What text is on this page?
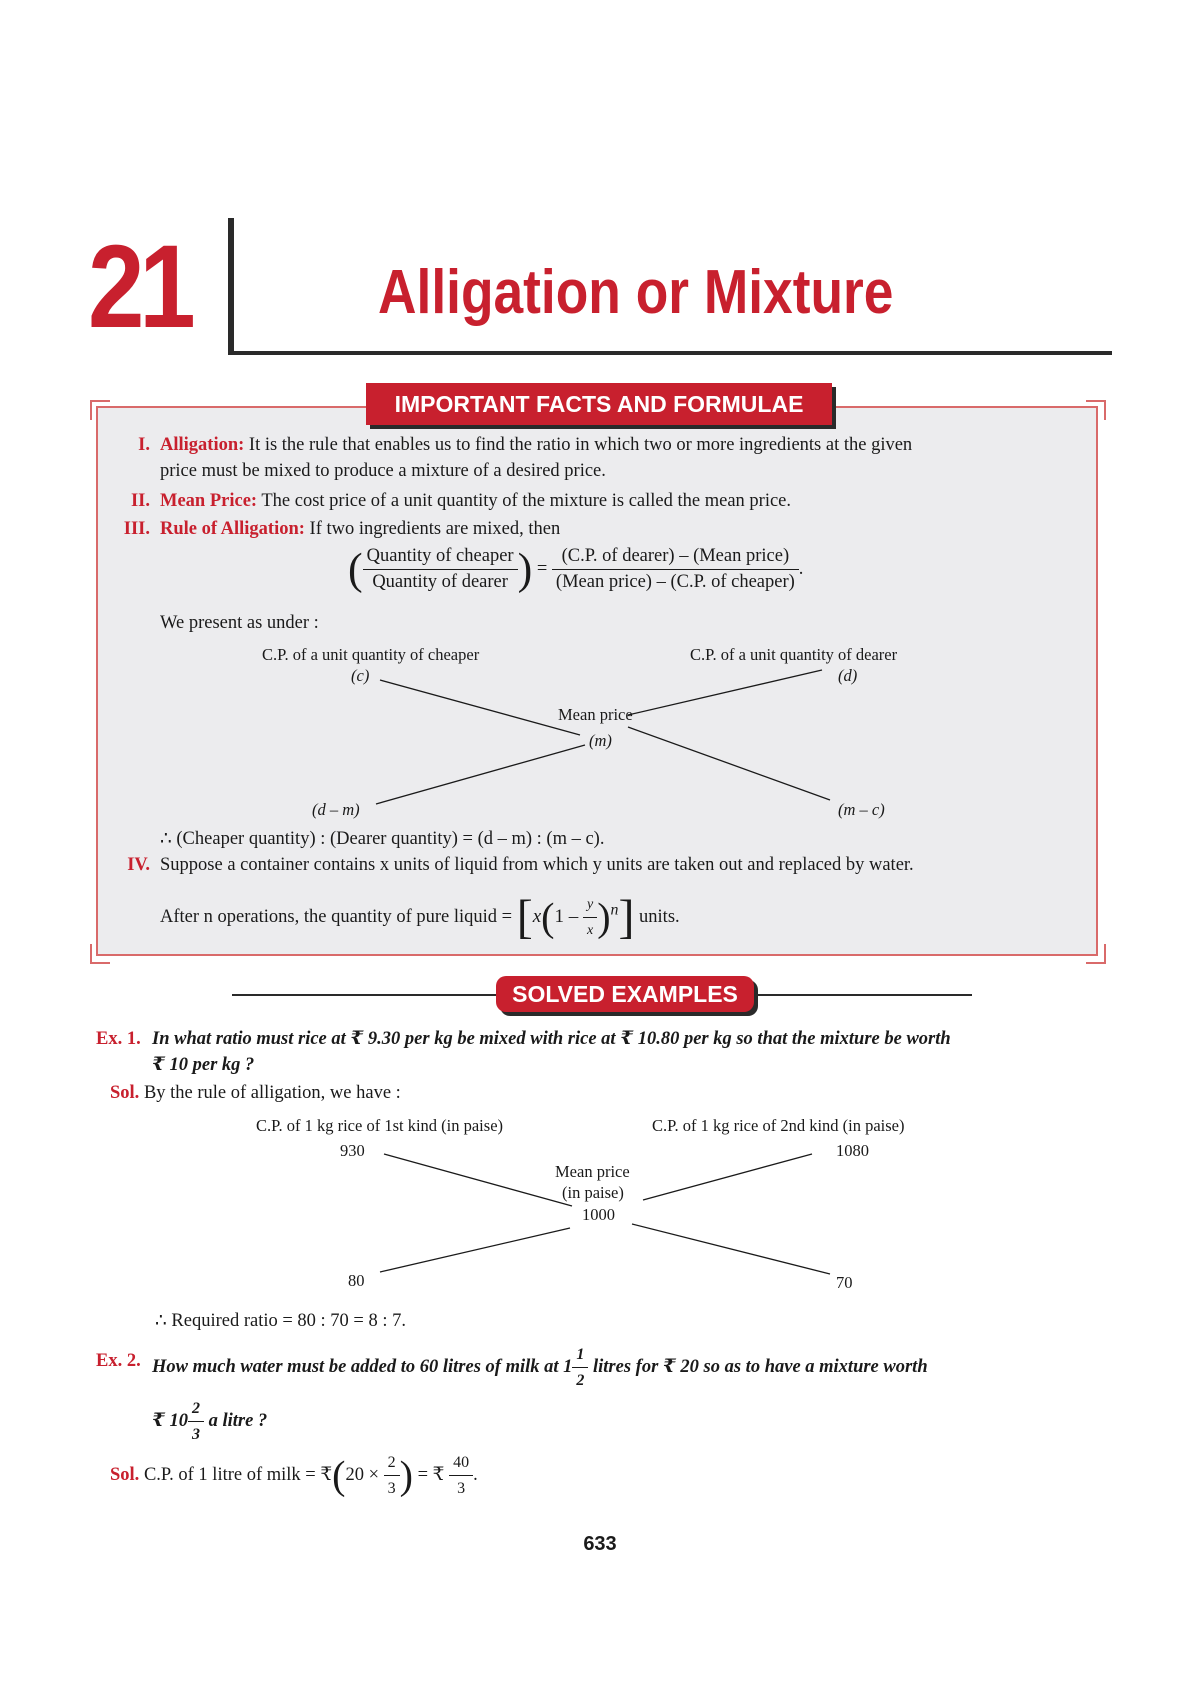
21	Alligation or Mixture
IMPORTANT FACTS AND FORMULAE
I. Alligation: It is the rule that enables us to find the ratio in which two or more ingredients at the given
price must be mixed to produce a mixture of a desired price.
II. Mean Price: The cost price of a unit quantity of the mixture is called the mean price.
III. Rule of Alligation: If two ingredients are mixed, then
( $\frac{\text{Quantity of cheaper}}{\text{Quantity of dearer}}$ ) = $\frac{\text{(C.P. of dearer) – (Mean price)}}{\text{(Mean price) – (C.P. of cheaper)}}$ .
We present as under :
C.P. of a unit quantity of cheaper
(c)
C.P. of a unit quantity of dearer
(d)
Mean price
(m)
(d – m)	(m – c)
∴ (Cheaper quantity) : (Dearer quantity) = (d – m) : (m – c).
IV. Suppose a container contains x units of liquid from which y units are taken out and replaced by water.
After n operations, the quantity of pure liquid = $[x(1 - \frac{y}{x} )^n]$ units.
SOLVED EXAMPLES
Ex. 1. In what ratio must rice at ₹ 9.30 per kg be mixed with rice at ₹ 10.80 per kg so that the mixture be worth
₹ 10 per kg ?
Sol. By the rule of alligation, we have :
C.P. of 1 kg rice of 1st kind (in paise)
930
C.P. of 1 kg rice of 2nd kind (in paise)
1080
Mean price
(in paise)
1000
80	70
∴ Required ratio = 80 : 70 = 8 : 7.
Ex. 2. How much water must be added to 60 litres of milk at $1 \frac{1}{2}$ litres for ₹ 20 so as to have a mixture worth
₹ $10 \frac{2}{3}$ a litre ?
Sol. C.P. of 1 litre of milk = ₹(20 × $\frac{2}{3}$ ) = ₹ $\frac{40}{3}$ .
633
